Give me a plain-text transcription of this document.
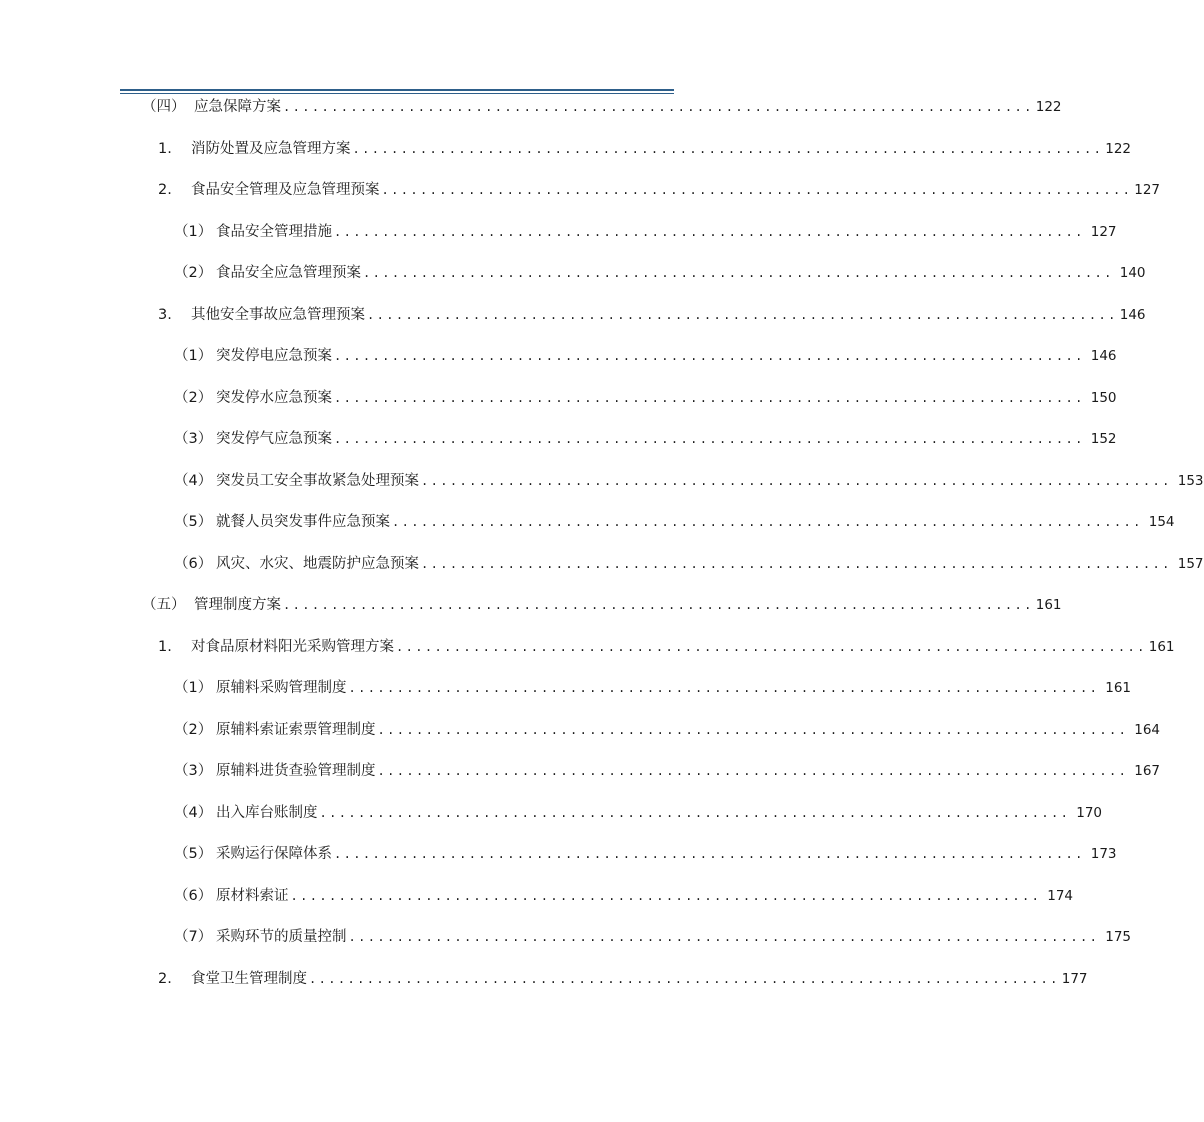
（四） 应急保障方案 .............................................................................. 122
1.	消防处置及应急管理方案 .............................................................................. 122
2.	食品安全管理及应急管理预案 .............................................................................. 127
（1） 食品安全管理措施 .............................................................................. 127
（2） 食品安全应急管理预案 .............................................................................. 140
3.	其他安全事故应急管理预案 .............................................................................. 146
（1） 突发停电应急预案 .............................................................................. 146
（2） 突发停水应急预案 .............................................................................. 150
（3） 突发停气应急预案 .............................................................................. 152
（4） 突发员工安全事故紧急处理预案 .............................................................................. 153
（5） 就餐人员突发事件应急预案 .............................................................................. 154
（6） 风灾、水灾、地震防护应急预案 .............................................................................. 157
（五） 管理制度方案 .............................................................................. 161
1.	对食品原材料阳光采购管理方案 .............................................................................. 161
（1） 原辅料采购管理制度 .............................................................................. 161
（2） 原辅料索证索票管理制度 .............................................................................. 164
（3） 原辅料进货查验管理制度 .............................................................................. 167
（4） 出入库台账制度 .............................................................................. 170
（5） 采购运行保障体系 .............................................................................. 173
（6） 原材料索证 .............................................................................. 174
（7） 采购环节的质量控制 .............................................................................. 175
2.	食堂卫生管理制度 .............................................................................. 177
